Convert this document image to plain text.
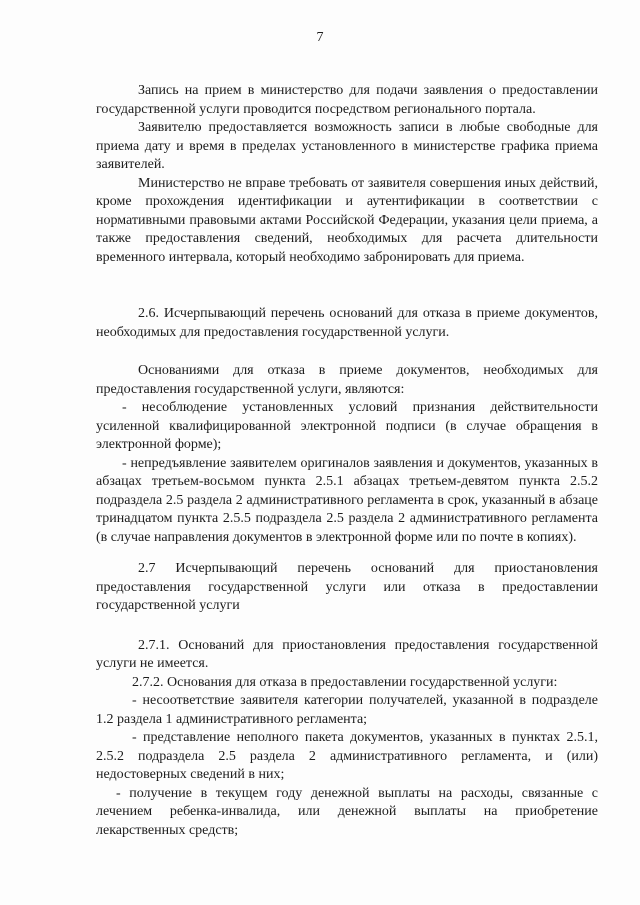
7

Запись на прием в министерство для подачи заявления о предоставлении государственной услуги проводится посредством регионального портала.

Заявителю предоставляется возможность записи в любые свободные для приема дату и время в пределах установленного в министерстве графика приема заявителей.

Министерство не вправе требовать от заявителя совершения иных действий, кроме прохождения идентификации и аутентификации в соответствии с нормативными правовыми актами Российской Федерации, указания цели приема, а также предоставления сведений, необходимых для расчета длительности временного интервала, который необходимо забронировать для приема.

2.6. Исчерпывающий перечень оснований для отказа в приеме документов, необходимых для предоставления государственной услуги.

Основаниями для отказа в приеме документов, необходимых для предоставления государственной услуги, являются:

- несоблюдение установленных условий признания действительности усиленной квалифицированной электронной подписи (в случае обращения в электронной форме);

- непредъявление заявителем оригиналов заявления и документов, указанных в абзацах третьем-восьмом пункта 2.5.1 абзацах третьем-девятом пункта 2.5.2 подраздела 2.5 раздела 2 административного регламента в срок, указанный в абзаце тринадцатом пункта 2.5.5 подраздела 2.5 раздела 2 административного регламента (в случае направления документов в электронной форме или по почте в копиях).

2.7 Исчерпывающий перечень оснований для приостановления предоставления государственной услуги или отказа в предоставлении государственной услуги

2.7.1. Оснований для приостановления предоставления государственной услуги не имеется.

2.7.2. Основания для отказа в предоставлении государственной услуги:

- несоответствие заявителя категории получателей, указанной в подразделе 1.2 раздела 1 административного регламента;

- представление неполного пакета документов, указанных в пунктах 2.5.1, 2.5.2 подраздела 2.5 раздела 2 административного регламента, и (или) недостоверных сведений в них;

- получение в текущем году денежной выплаты на расходы, связанные с лечением ребенка-инвалида, или денежной выплаты на приобретение лекарственных средств;
